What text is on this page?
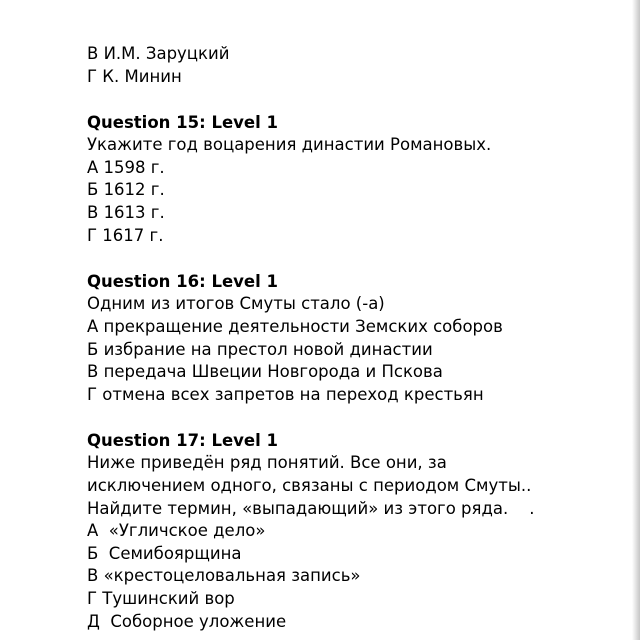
В И.М. Заруцкий
Г К. Минин
Question 15: Level 1
Укажите год воцарения династии Романовых.
А 1598 г.
Б 1612 г.
В 1613 г.
Г 1617 г.
Question 16: Level 1
Одним из итогов Смуты стало (-а)
А прекращение деятельности Земских соборов
Б избрание на престол новой династии
В передача Швеции Новгорода и Пскова
Г отмена всех запретов на переход крестьян
Question 17: Level 1
Ниже приведён ряд понятий. Все они, за
исключением одного, связаны с периодом Смуты..
Найдите термин, «выпадающий» из этого ряда.    .
А  «Угличское дело»
Б  Семибоярщина
В «крестоцеловальная запись»
Г Тушинский вор
Д  Соборное уложение
